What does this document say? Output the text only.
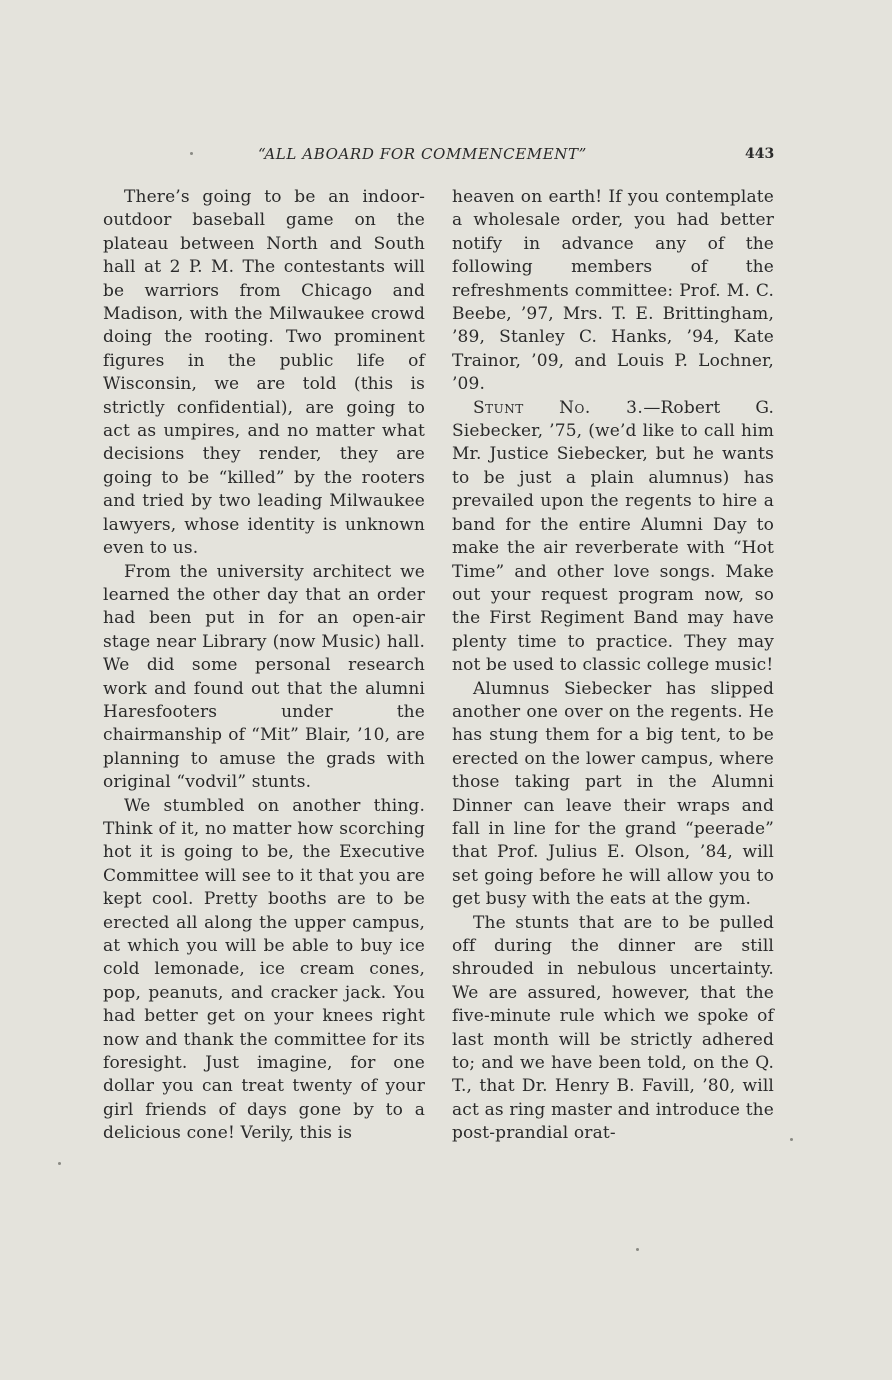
“ALL ABOARD FOR COMMENCEMENT”	443

There’s going to be an indoor-outdoor baseball game on the plateau between North and South hall at 2 P. M. The contestants will be warriors from Chicago and Madison, with the Milwaukee crowd doing the rooting. Two prominent figures in the public life of Wisconsin, we are told (this is strictly confidential), are going to act as umpires, and no matter what decisions they render, they are going to be “killed” by the rooters and tried by two leading Milwaukee lawyers, whose identity is unknown even to us.

From the university architect we learned the other day that an order had been put in for an open-air stage near Library (now Music) hall. We did some personal research work and found out that the alumni Haresfooters under the chairmanship of “Mit” Blair, ’10, are planning to amuse the grads with original “vodvil” stunts.

We stumbled on another thing. Think of it, no matter how scorching hot it is going to be, the Executive Committee will see to it that you are kept cool. Pretty booths are to be erected all along the upper campus, at which you will be able to buy ice cold lemonade, ice cream cones, pop, peanuts, and cracker jack. You had better get on your knees right now and thank the committee for its foresight. Just imagine, for one dollar you can treat twenty of your girl friends of days gone by to a delicious cone! Verily, this is

heaven on earth! If you contemplate a wholesale order, you had better notify in advance any of the following members of the refreshments committee: Prof. M. C. Beebe, ’97, Mrs. T. E. Brittingham, ’89, Stanley C. Hanks, ’94, Kate Trainor, ’09, and Louis P. Lochner, ’09.

Stunt No. 3.—Robert G. Siebecker, ’75, (we’d like to call him Mr. Justice Siebecker, but he wants to be just a plain alumnus) has prevailed upon the regents to hire a band for the entire Alumni Day to make the air reverberate with “Hot Time” and other love songs. Make out your request program now, so the First Regiment Band may have plenty time to practice. They may not be used to classic college music!

Alumnus Siebecker has slipped another one over on the regents. He has stung them for a big tent, to be erected on the lower campus, where those taking part in the Alumni Dinner can leave their wraps and fall in line for the grand “peerade” that Prof. Julius E. Olson, ’84, will set going before he will allow you to get busy with the eats at the gym.

The stunts that are to be pulled off during the dinner are still shrouded in nebulous uncertainty. We are assured, however, that the five-minute rule which we spoke of last month will be strictly adhered to; and we have been told, on the Q. T., that Dr. Henry B. Favill, ’80, will act as ring master and introduce the post-prandial orat-
